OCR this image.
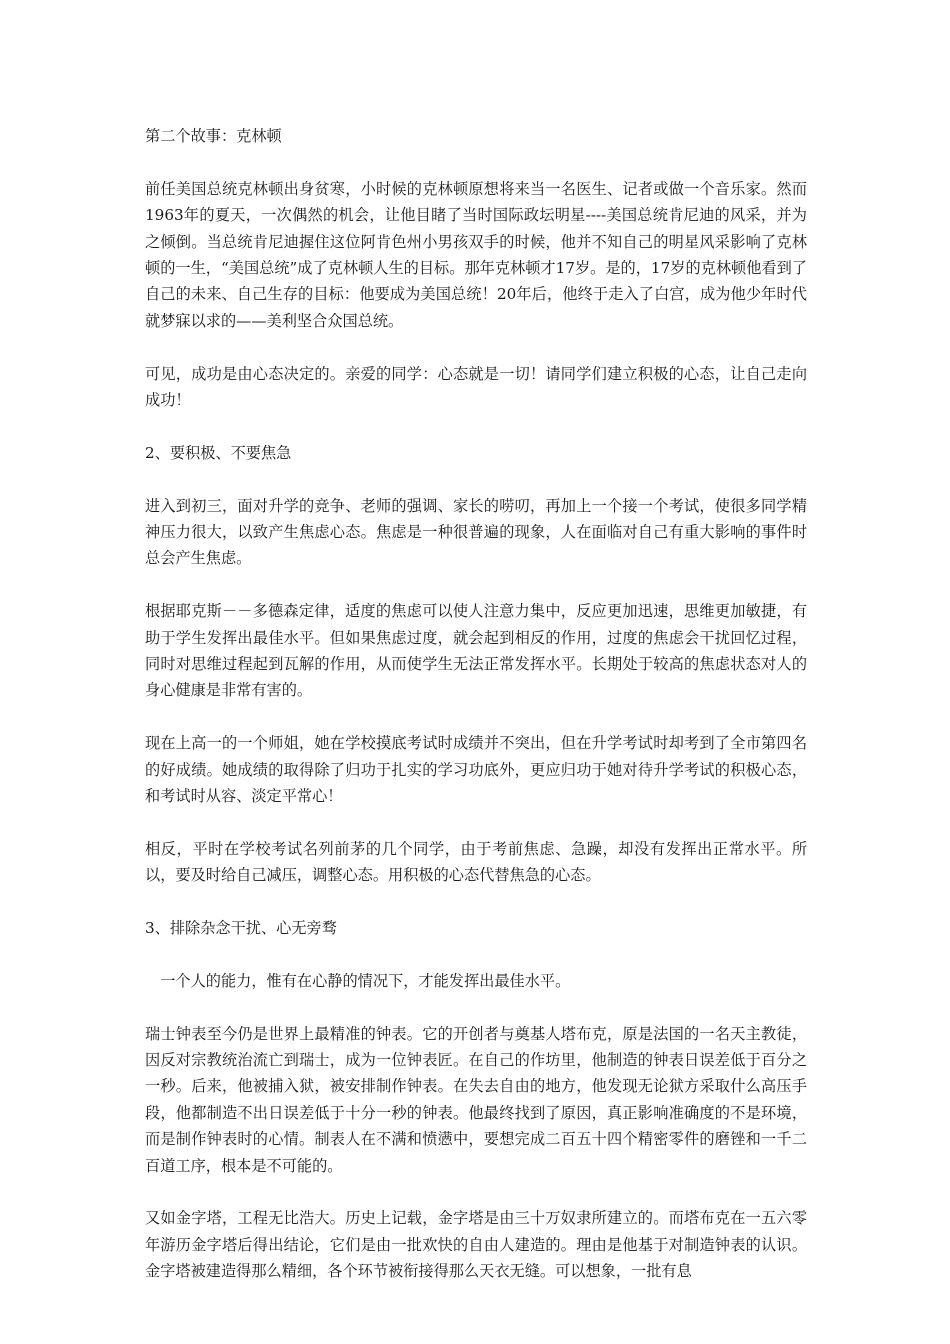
第二个故事：克林顿

前任美国总统克林顿出身贫寒，小时候的克林顿原想将来当一名医生、记者或做一个音乐家。然而1963年的夏天，一次偶然的机会，让他目睹了当时国际政坛明星----美国总统肯尼迪的风采，并为之倾倒。当总统肯尼迪握住这位阿肯色州小男孩双手的时候，他并不知自己的明星风采影响了克林顿的一生，“美国总统”成了克林顿人生的目标。那年克林顿才17岁。是的，17岁的克林顿他看到了自己的未来、自己生存的目标：他要成为美国总统！20年后，他终于走入了白宫，成为他少年时代就梦寐以求的——美利坚合众国总统。

可见，成功是由心态决定的。亲爱的同学：心态就是一切！请同学们建立积极的心态，让自己走向成功！

2、要积极、不要焦急

进入到初三，面对升学的竞争、老师的强调、家长的唠叨，再加上一个接一个考试，使很多同学精神压力很大，以致产生焦虑心态。焦虑是一种很普遍的现象，人在面临对自己有重大影响的事件时总会产生焦虑。

根据耶克斯－－多德森定律，适度的焦虑可以使人注意力集中，反应更加迅速，思维更加敏捷，有助于学生发挥出最佳水平。但如果焦虑过度，就会起到相反的作用，过度的焦虑会干扰回忆过程，同时对思维过程起到瓦解的作用，从而使学生无法正常发挥水平。长期处于较高的焦虑状态对人的身心健康是非常有害的。

现在上高一的一个师姐，她在学校摸底考试时成绩并不突出，但在升学考试时却考到了全市第四名的好成绩。她成绩的取得除了归功于扎实的学习功底外，更应归功于她对待升学考试的积极心态，和考试时从容、淡定平常心！

相反，平时在学校考试名列前茅的几个同学，由于考前焦虑、急躁，却没有发挥出正常水平。所以，要及时给自己减压，调整心态。用积极的心态代替焦急的心态。

3、排除杂念干扰、心无旁骛

一个人的能力，惟有在心静的情况下，才能发挥出最佳水平。

瑞士钟表至今仍是世界上最精准的钟表。它的开创者与奠基人塔布克，原是法国的一名天主教徒，因反对宗教统治流亡到瑞士，成为一位钟表匠。在自己的作坊里，他制造的钟表日误差低于百分之一秒。后来，他被捕入狱，被安排制作钟表。在失去自由的地方，他发现无论狱方采取什么高压手段，他都制造不出日误差低于十分一秒的钟表。他最终找到了原因，真正影响准确度的不是环境，而是制作钟表时的心情。制表人在不满和愤懑中，要想完成二百五十四个精密零件的磨锉和一千二百道工序，根本是不可能的。

又如金字塔，工程无比浩大。历史上记载，金字塔是由三十万奴隶所建立的。而塔布克在一五六零年游历金字塔后得出结论，它们是由一批欢快的自由人建造的。理由是他基于对制造钟表的认识。金字塔被建造得那么精细，各个环节被衔接得那么天衣无缝。可以想象，一批有息
